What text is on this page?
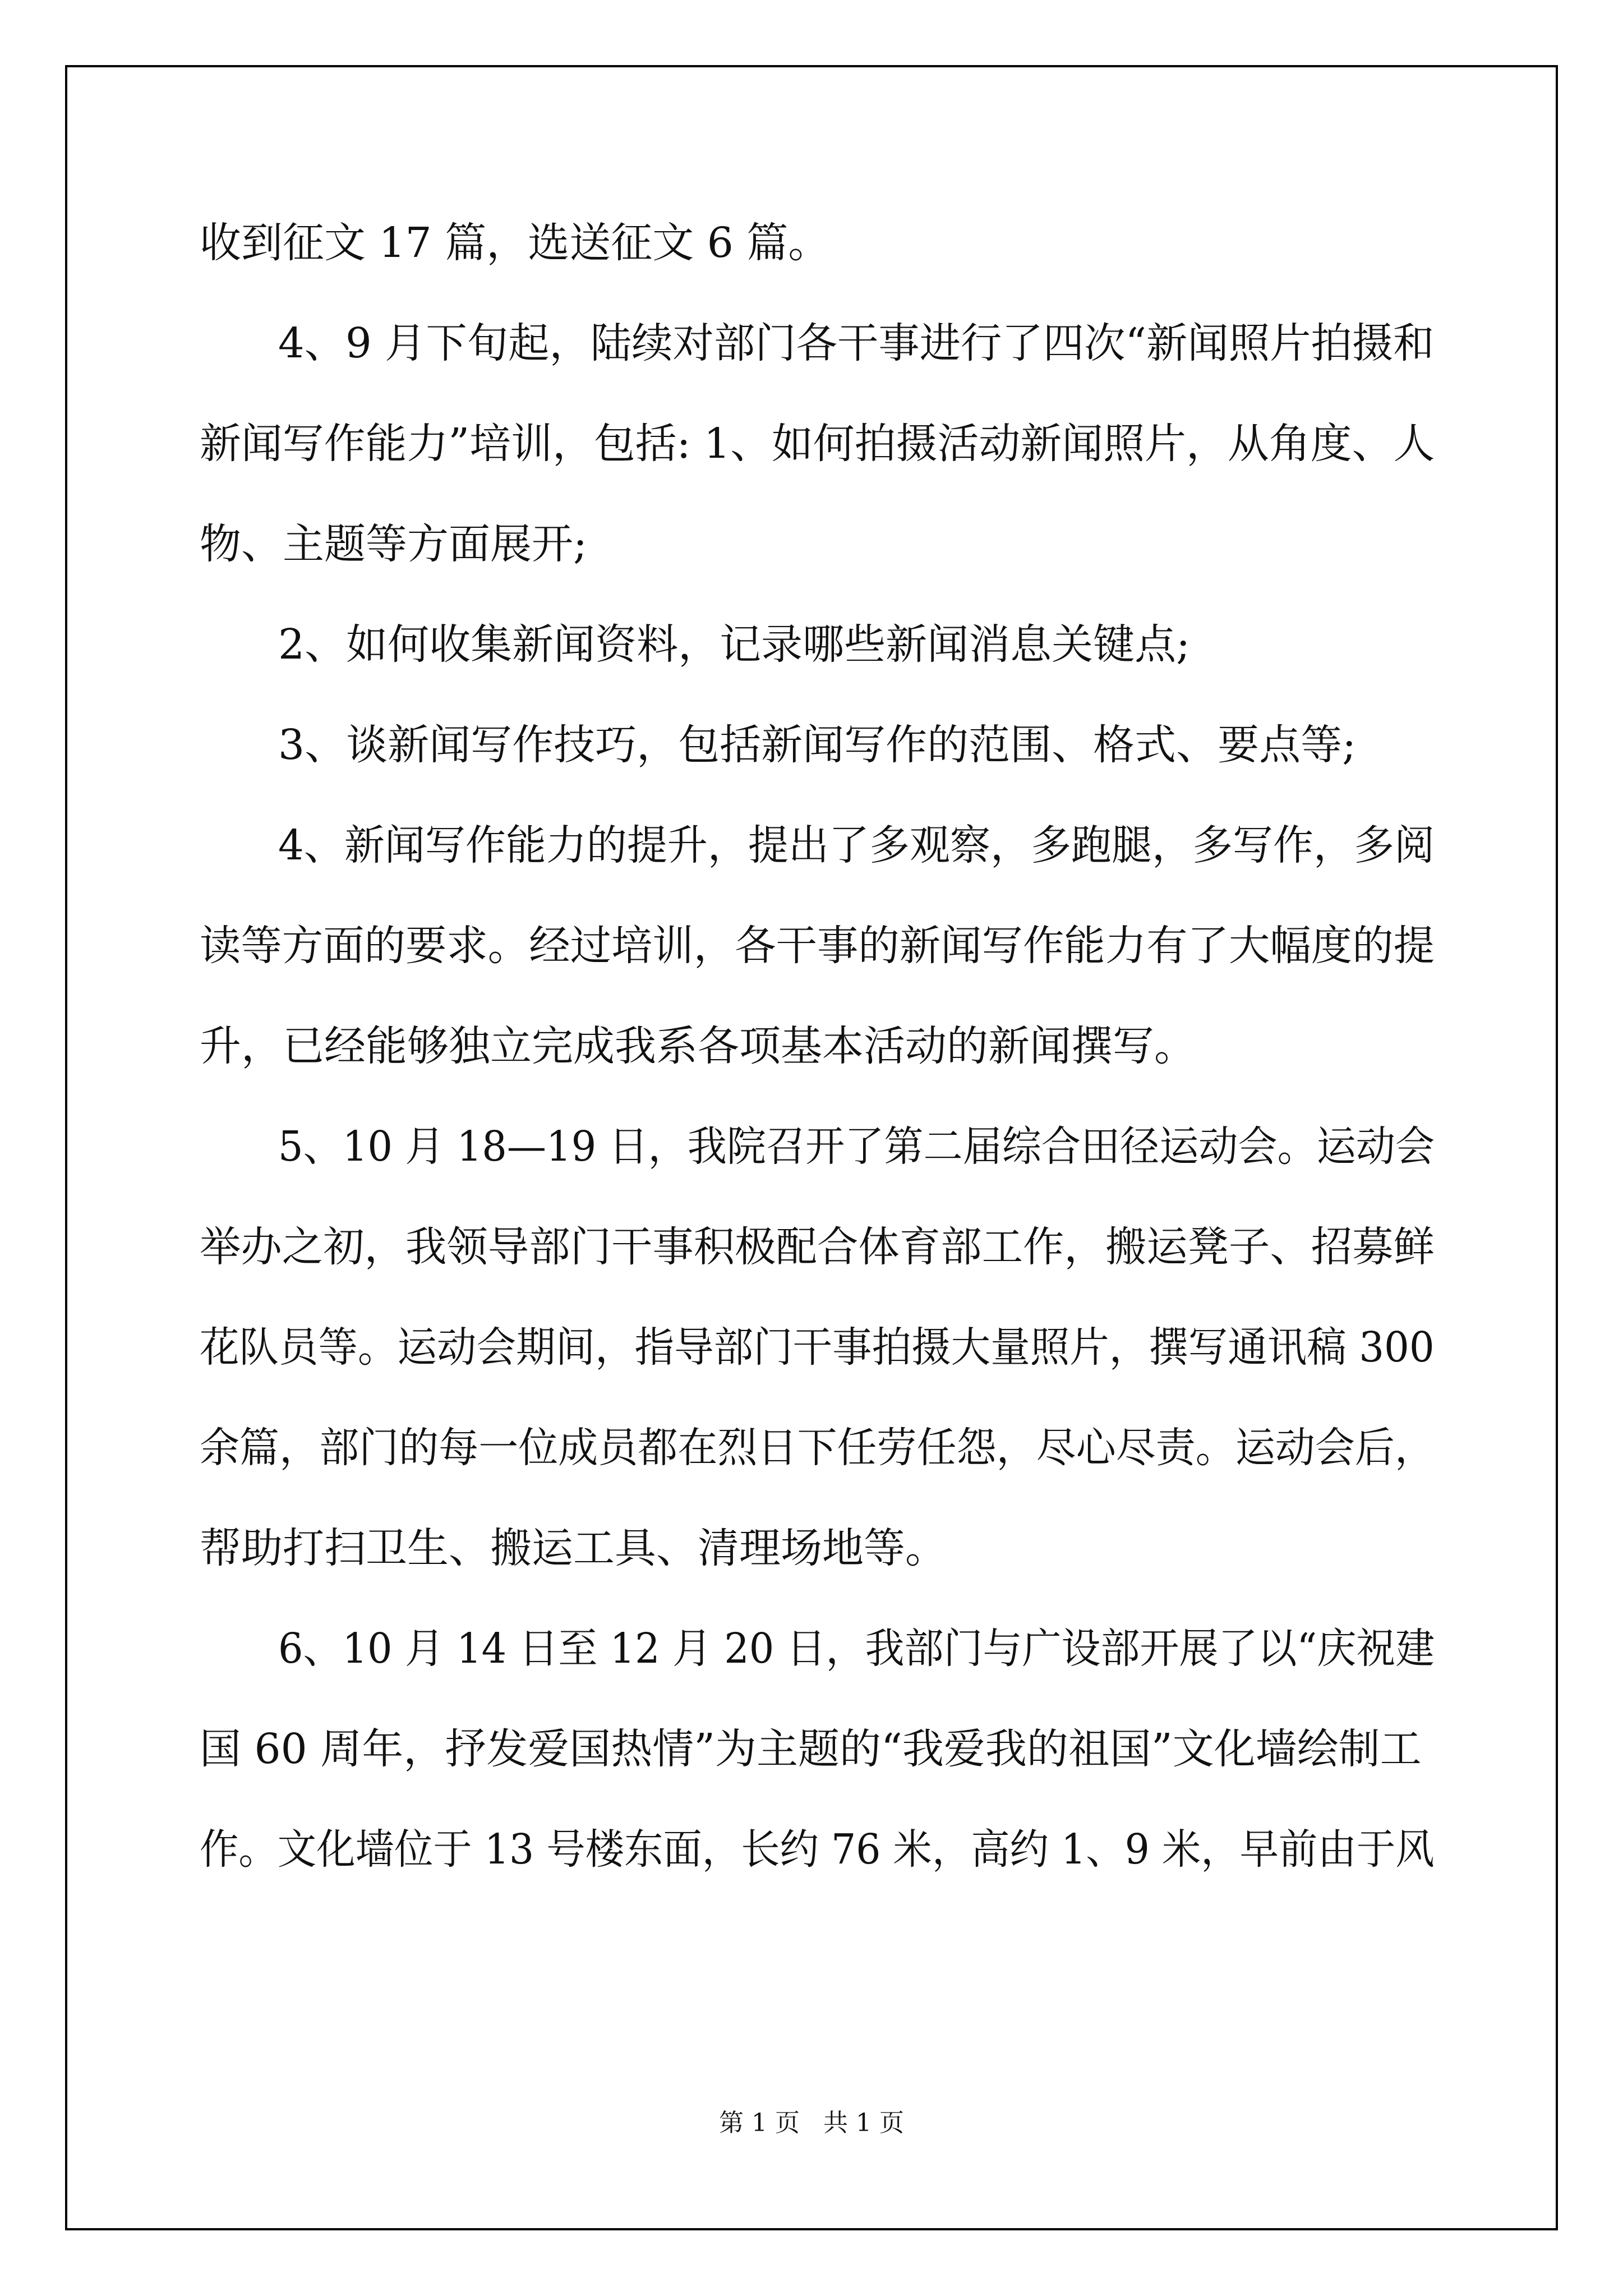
收到征文 17 篇，选送征文 6 篇。
4、9 月下旬起，陆续对部门各干事进行了四次“新闻照片拍摄和
新闻写作能力”培训，包括: 1、如何拍摄活动新闻照片，从角度、人
物、主题等方面展开;
2、如何收集新闻资料，记录哪些新闻消息关键点;
3、谈新闻写作技巧，包括新闻写作的范围、格式、要点等;
4、新闻写作能力的提升，提出了多观察，多跑腿，多写作，多阅
读等方面的要求。经过培训，各干事的新闻写作能力有了大幅度的提
升，已经能够独立完成我系各项基本活动的新闻撰写。
5、10 月 18—19 日，我院召开了第二届综合田径运动会。运动会
举办之初，我领导部门干事积极配合体育部工作，搬运凳子、招募鲜
花队员等。运动会期间，指导部门干事拍摄大量照片，撰写通讯稿 300
余篇，部门的每一位成员都在烈日下任劳任怨，尽心尽责。运动会后，
帮助打扫卫生、搬运工具、清理场地等。
6、10 月 14 日至 12 月 20 日，我部门与广设部开展了以“庆祝建
国 60 周年，抒发爱国热情”为主题的“我爱我的祖国”文化墙绘制工
作。文化墙位于 13 号楼东面，长约 76 米，高约 1、9 米，早前由于风
第 1 页   共 1 页
